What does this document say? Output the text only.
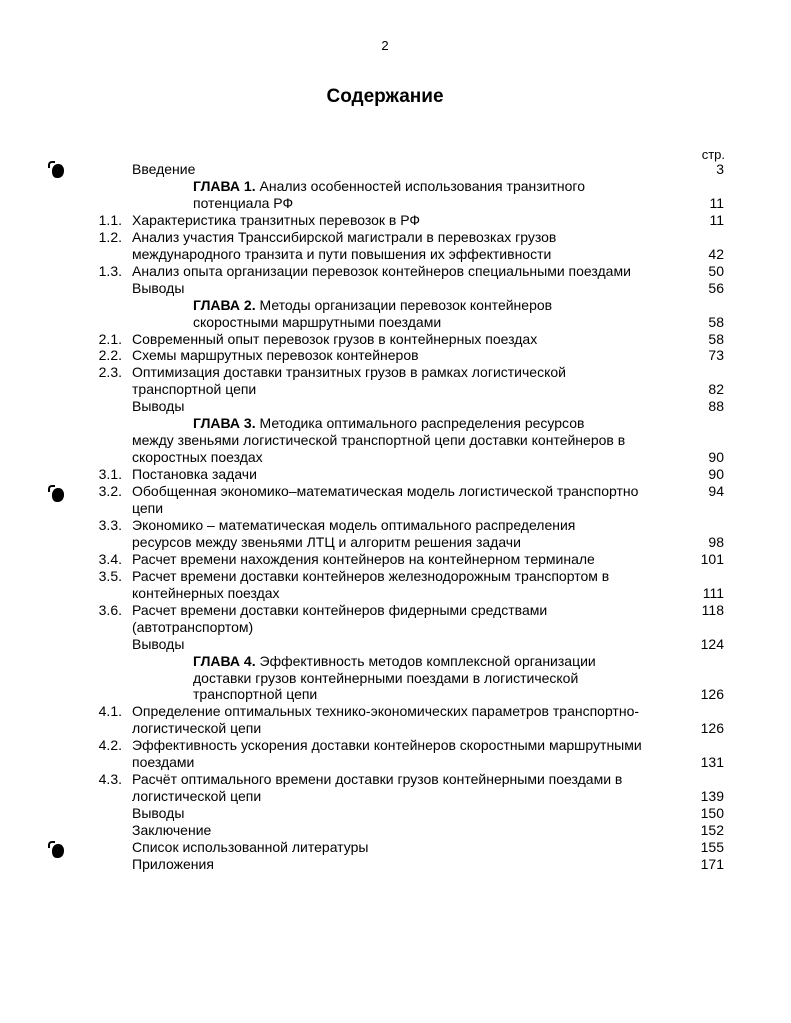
2
Содержание
стр.
Введение	3
ГЛАВА 1. Анализ особенностей использования транзитного
потенциала РФ	11
1.1. Характеристика транзитных перевозок в РФ	11
1.2. Анализ участия Транссибирской магистрали в перевозках грузов
международного транзита и пути повышения их эффективности	42
1.3. Анализ опыта организации перевозок контейнеров специальными поездами	50
Выводы	56
ГЛАВА 2. Методы организации перевозок контейнеров
скоростными маршрутными поездами	58
2.1. Современный опыт перевозок грузов в контейнерных поездах	58
2.2. Схемы маршрутных перевозок контейнеров	73
2.3. Оптимизация доставки транзитных грузов в рамках логистической
транспортной цепи	82
Выводы	88
ГЛАВА 3. Методика оптимального распределения ресурсов
между звеньями логистической транспортной цепи доставки контейнеров в
скоростных поездах	90
3.1. Постановка задачи	90
3.2. Обобщенная экономико–математическая модель логистической транспортно	94
цепи
3.3. Экономико – математическая модель оптимального распределения
ресурсов между звеньями ЛТЦ и алгоритм решения задачи	98
3.4. Расчет времени нахождения контейнеров на контейнерном терминале	101
3.5. Расчет времени доставки контейнеров железнодорожным транспортом в
контейнерных поездах	111
3.6. Расчет времени доставки контейнеров фидерными средствами	118
(автотранспортом)
Выводы	124
ГЛАВА 4. Эффективность методов комплексной организации
доставки грузов контейнерными поездами в логистической
транспортной цепи	126
4.1. Определение оптимальных технико-экономических параметров транспортно-
логистической цепи	126
4.2. Эффективность ускорения доставки контейнеров скоростными маршрутными
поездами	131
4.3. Расчёт оптимального времени доставки грузов контейнерными поездами в
логистической цепи	139
Выводы	150
Заключение	152
Список использованной литературы	155
Приложения	171
